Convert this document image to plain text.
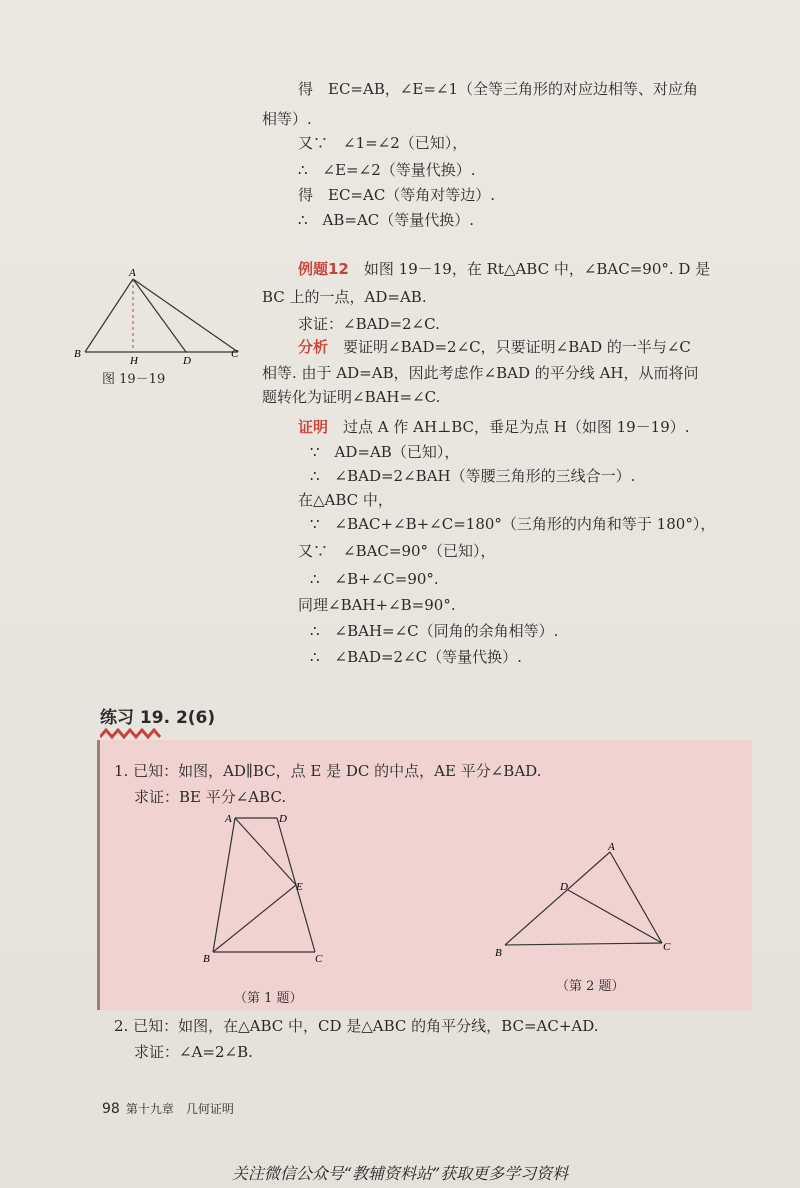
得　EC=AB，∠E=∠1（全等三角形的对应边相等、对应角
相等）.
又∵　∠1=∠2（已知），
∴　∠E=∠2（等量代换）.
得　EC=AC（等角对等边）.
∴　AB=AC（等量代换）.
A
B
H	D
C
图 19－19
例题12　 如图 19－19，在 Rt△ABC 中，∠BAC=90°. D 是
BC 上的一点，AD=AB.
求证：∠BAD=2∠C.
分析　 要证明∠BAD=2∠C，只要证明∠BAD 的一半与∠C
相等. 由于 AD=AB，因此考虑作∠BAD 的平分线 AH，从而将问
题转化为证明∠BAH=∠C.
证明　 过点 A 作 AH⊥BC，垂足为点 H（如图 19－19）.
∵　AD=AB（已知），
∴　∠BAD=2∠BAH（等腰三角形的三线合一）.
在△ABC 中，
∵　∠BAC+∠B+∠C=180°（三角形的内角和等于 180°），
又∵　∠BAC=90°（已知），
∴　∠B+∠C=90°.
同理∠BAH+∠B=90°.
∴　∠BAH=∠C（同角的余角相等）.
∴　∠BAD=2∠C（等量代换）.
练习 19. 2(6)
1. 已知：如图，AD∥BC，点 E 是 DC 的中点，AE 平分∠BAD.
求证：BE 平分∠ABC.
A	D
E
B	C
（第 1 题）
A
D
B	C
（第 2 题）
2. 已知：如图，在△ABC 中，CD 是△ABC 的角平分线，BC=AC+AD.
求证：∠A=2∠B.
98 第十九章　几何证明
关注微信公众号“教辅资料站”获取更多学习资料
